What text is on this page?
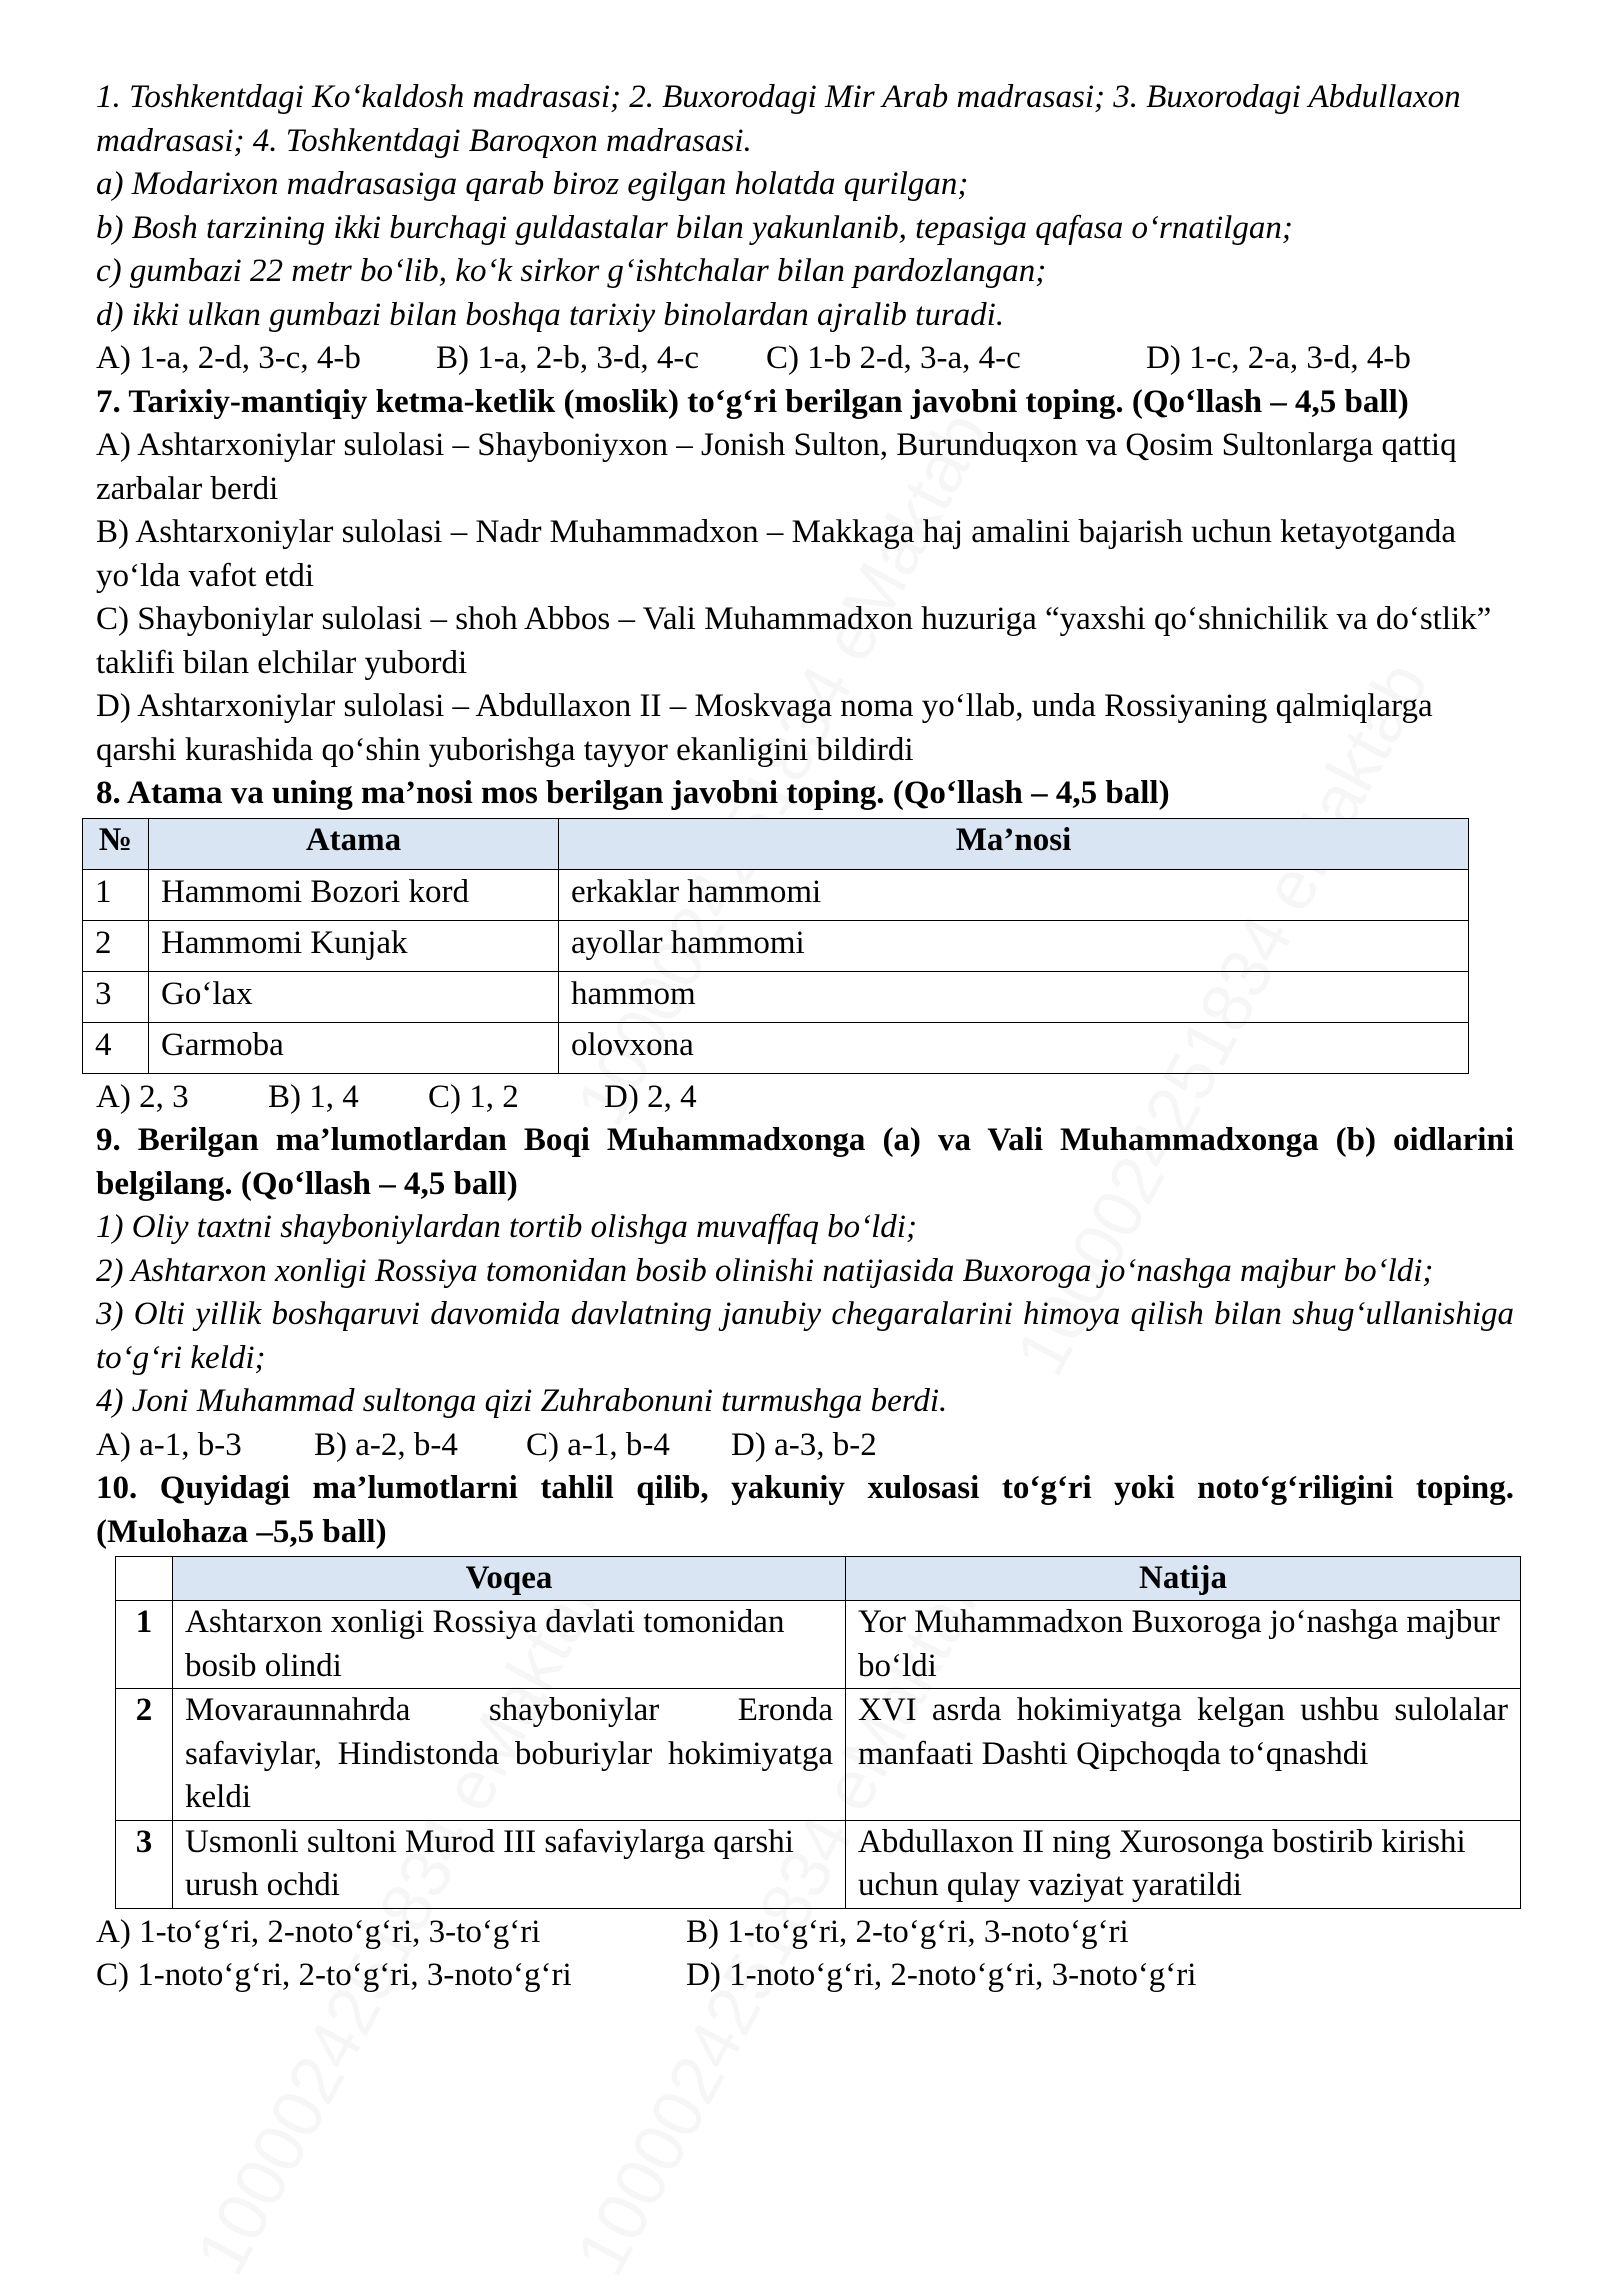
1. Toshkentdagi Ko‘kaldosh madrasasi; 2. Buxorodagi Mir Arab madrasasi; 3. Buxorodagi Abdullaxon madrasasi; 4. Toshkentdagi Baroqxon madrasasi.

a) Modarixon madrasasiga qarab biroz egilgan holatda qurilgan;

b) Bosh tarzining ikki burchagi guldastalar bilan yakunlanib, tepasiga qafasa o‘rnatilgan;

c) gumbazi 22 metr bo‘lib, ko‘k sirkor g‘ishtchalar bilan pardozlangan;

d) ikki ulkan gumbazi bilan boshqa tarixiy binolardan ajralib turadi.

A) 1-a, 2-d, 3-c, 4-b	B) 1-a, 2-b, 3-d, 4-c	C) 1-b 2-d, 3-a, 4-c	D) 1-c, 2-a, 3-d, 4-b

7. Tarixiy-mantiqiy ketma-ketlik (moslik) to‘g‘ri berilgan javobni toping. (Qo‘llash – 4,5 ball)

A) Ashtarxoniylar sulolasi – Shayboniyxon – Jonish Sulton, Burunduqxon va Qosim Sultonlarga qattiq zarbalar berdi

B) Ashtarxoniylar sulolasi – Nadr Muhammadxon – Makkaga haj amalini bajarish uchun ketayotganda yo‘lda vafot etdi

C) Shayboniylar sulolasi – shoh Abbos – Vali Muhammadxon huzuriga “yaxshi qo‘shnichilik va do‘stlik” taklifi bilan elchilar yubordi

D) Ashtarxoniylar sulolasi – Abdullaxon II – Moskvaga noma yo‘llab, unda Rossiyaning qalmiqlarga qarshi kurashida qo‘shin yuborishga tayyor ekanligini bildirdi

8. Atama va uning ma’nosi mos berilgan javobni toping. (Qo‘llash – 4,5 ball)

№	Atama	Ma’nosi
1	Hammomi Bozori kord	erkaklar hammomi
2	Hammomi Kunjak	ayollar hammomi
3	Go‘lax	hammom
4	Garmoba	olovxona
A) 2, 3	B) 1, 4	C) 1, 2	D) 2, 4

9. Berilgan ma’lumotlardan Boqi Muhammadxonga (a) va Vali Muhammadxonga (b) oidlarini belgilang. (Qo‘llash – 4,5 ball)

1) Oliy taxtni shayboniylardan tortib olishga muvaffaq bo‘ldi;

2) Ashtarxon xonligi Rossiya tomonidan bosib olinishi natijasida Buxoroga jo‘nashga majbur bo‘ldi;

3) Olti yillik boshqaruvi davomida davlatning janubiy chegaralarini himoya qilish bilan shug‘ullanishiga to‘g‘ri keldi;

4) Joni Muhammad sultonga qizi Zuhrabonuni turmushga berdi.

A) a-1, b-3	B) a-2, b-4	C) a-1, b-4	D) a-3, b-2

10. Quyidagi ma’lumotlarni tahlil qilib, yakuniy xulosasi to‘g‘ri yoki noto‘g‘riligini toping. (Mulohaza –5,5 ball)

	Voqea	Natija
1	Ashtarxon xonligi Rossiya davlati tomonidan bosib olindi	Yor Muhammadxon Buxoroga jo‘nashga majbur bo‘ldi
2	Movaraunnahrda shayboniylar Eronda safaviylar, Hindistonda boburiylar hokimiyatga keldi	XVI asrda hokimiyatga kelgan ushbu sulolalar manfaati Dashti Qipchoqda to‘qnashdi
3	Usmonli sultoni Murod III safaviylarga qarshi urush ochdi	Abdullaxon II ning Xurosonga bostirib kirishi uchun qulay vaziyat yaratildi
A) 1-to‘g‘ri, 2-noto‘g‘ri, 3-to‘g‘ri	B) 1-to‘g‘ri, 2-to‘g‘ri, 3-noto‘g‘ri
C) 1-noto‘g‘ri, 2-to‘g‘ri, 3-noto‘g‘ri	D) 1-noto‘g‘ri, 2-noto‘g‘ri, 3-noto‘g‘ri
